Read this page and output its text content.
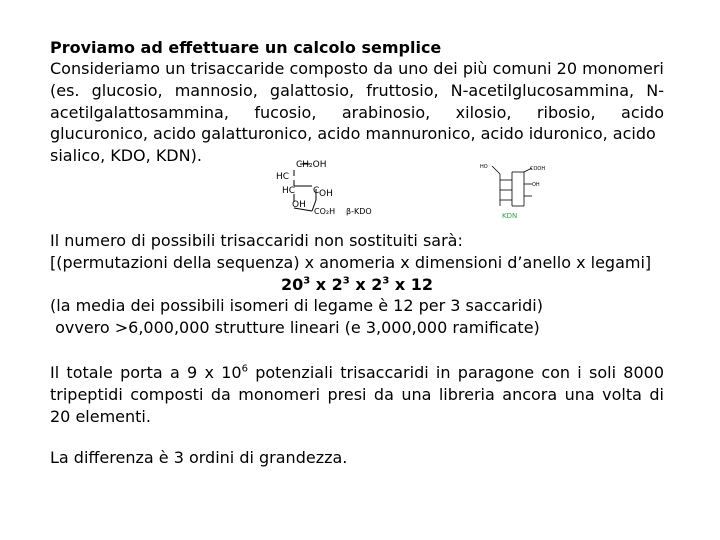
Proviamo ad effettuare un calcolo semplice
Consideriamo un trisaccaride composto da uno dei più comuni 20 monomeri
(es. glucosio, mannosio, galattosio, fruttosio, N-acetilglucosammina, N-
acetilgalattosammina, fucosio, arabinosio, xilosio, ribosio, acido
glucuronico, acido galatturonico, acido mannuronico, acido iduronico, acido
sialico, KDO, KDN).	CH₂OH
HC
HC C OH
OH
CO₂H β-KDO
HO	COOH
OH
KDN
Il numero di possibili trisaccaridi non sostituiti sarà:
[(permutazioni della sequenza) x anomeria x dimensioni d’anello x legami]
$20^3$ x $2^3$ x $2^3$ x 12
(la media dei possibili isomeri di legame è 12 per 3 saccaridi)
ovvero >6,000,000 strutture lineari (e 3,000,000 ramificate)
Il totale porta a 9 x $10^6$ potenziali trisaccaridi in paragone con i soli 8000
tripeptidi composti da monomeri presi da una libreria ancora una volta di
20 elementi.
La differenza è 3 ordini di grandezza.
